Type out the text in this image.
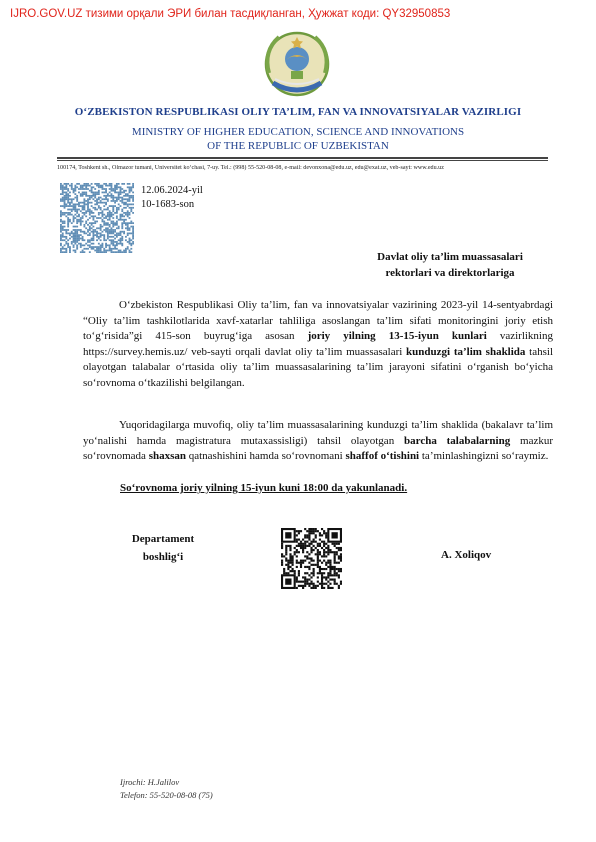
IJRO.GOV.UZ тизими орқали ЭРИ билан тасдиқланган, Ҳужжат коди: QY32950853
O‘ZBEKISTON RESPUBLIKASI OLIY TA’LIM, FAN VA INNOVATSIYALAR VAZIRLIGI
MINISTRY OF HIGHER EDUCATION, SCIENCE AND INNOVATIONS
OF THE REPUBLIC OF UZBEKISTAN
100174, Toshkent sh., Olmazor tumani, Universitet ko‘chasi, 7-uy. Tel.: (998) 55-520-08-08, e-mail: devonxona@edu.uz, edu@exat.uz, veb-sayt: www.edu.uz
12.06.2024-yil
10-1683-son
Davlat oliy ta’lim muassasalari
rektorlari va direktorlariga

O‘zbekiston Respublikasi Oliy ta’lim, fan va innovatsiyalar vazirining 2023-yil 14-sentyabrdagi “Oliy ta’lim tashkilotlarida xavf-xatarlar tahliliga asoslangan ta’lim sifati monitoringini joriy etish to‘g‘risida”gi 415-son buyrug‘iga asosan joriy yilning 13-15-iyun kunlari vazirlikning https://survey.hemis.uz/ veb-sayti orqali davlat oliy ta’lim muassasalari kunduzgi ta’lim shaklida tahsil olayotgan talabalar o‘rtasida oliy ta’lim muassasalarining ta’lim jarayoni sifatini o‘rganish bo‘yicha so‘rovnoma o‘tkazilishi belgilangan.

Yuqoridagilarga muvofiq, oliy ta’lim muassasalarining kunduzgi ta’lim shaklida (bakalavr ta’lim yo‘nalishi hamda magistratura mutaxassisligi) tahsil olayotgan barcha talabalarning mazkur so‘rovnomada shaxsan qatnashishini hamda so‘rovnomani shaffof o‘tishini ta’minlashingizni so‘raymiz.

So‘rovnoma joriy yilning 15-iyun kuni 18:00 da yakunlanadi.
Departament
boshlig‘i	A. Xoliqov
Ijrochi: H.Jalilov
Telefon: 55-520-08-08 (75)
